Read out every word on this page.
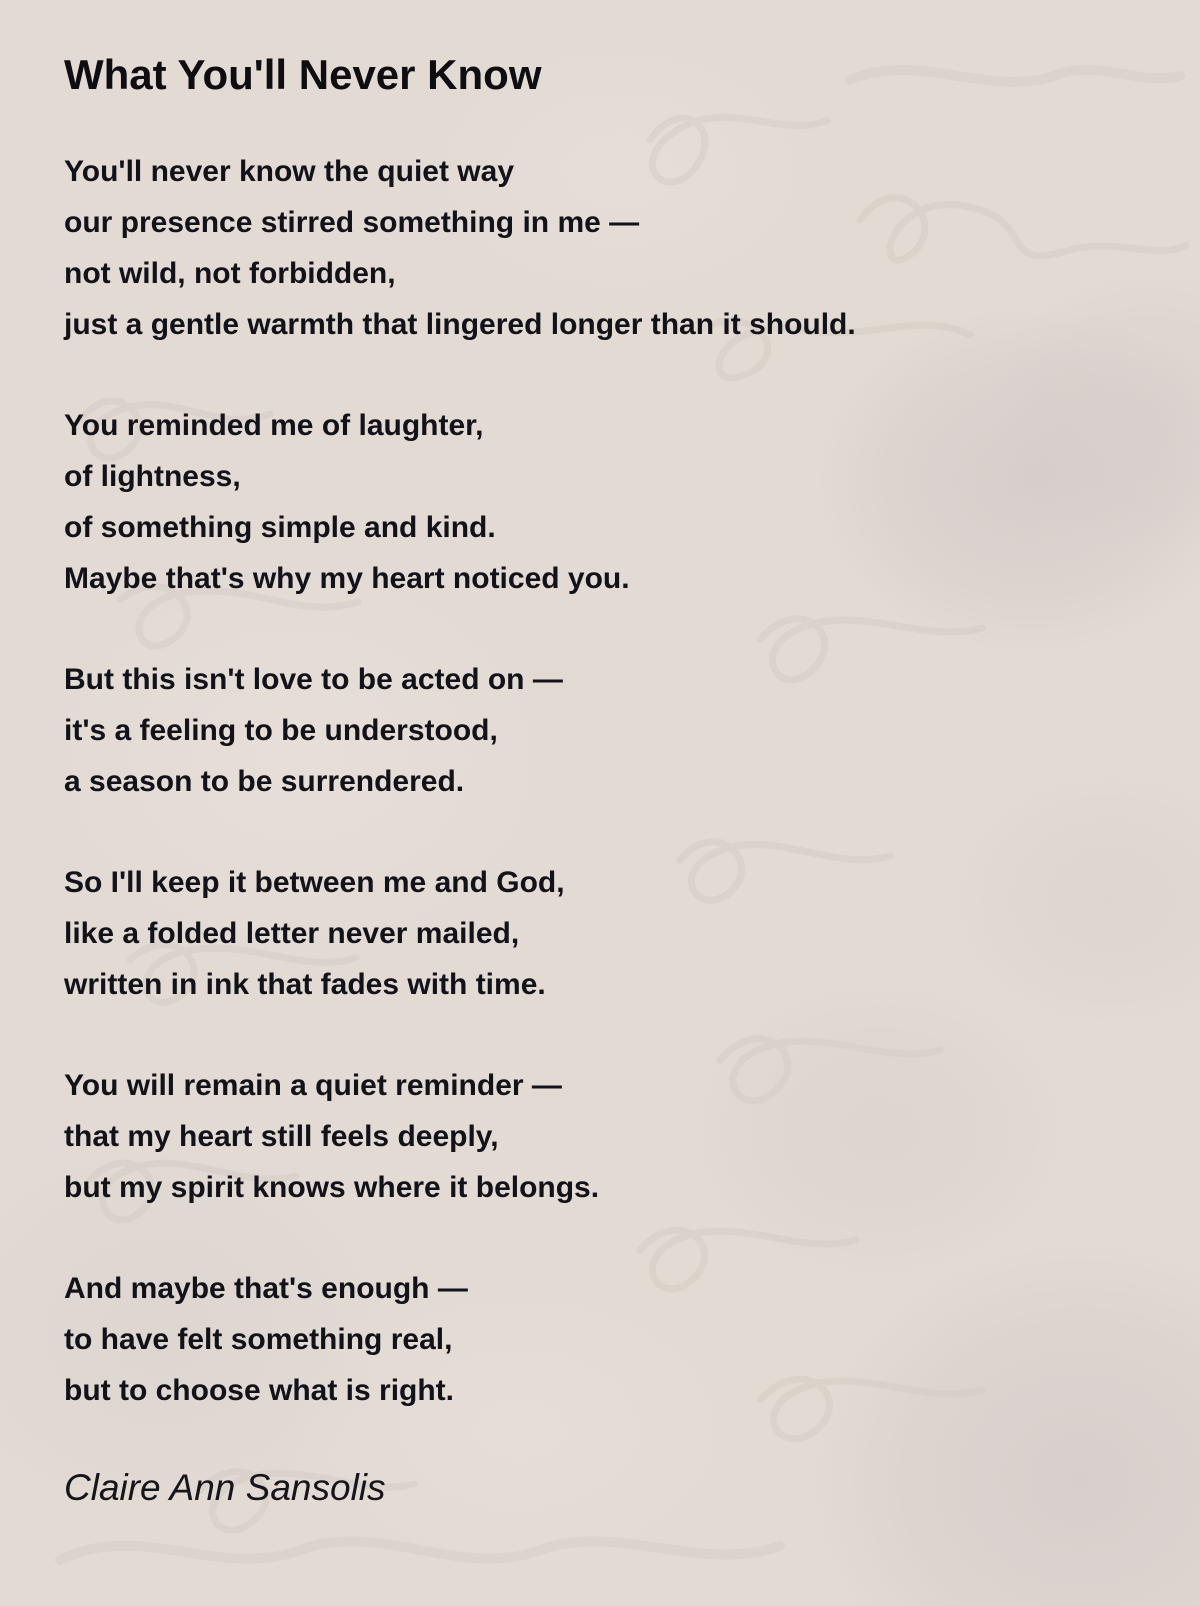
What You'll Never Know

You'll never know the quiet way

our presence stirred something in me —

not wild, not forbidden,

just a gentle warmth that lingered longer than it should.

You reminded me of laughter,

of lightness,

of something simple and kind.

Maybe that's why my heart noticed you.

But this isn't love to be acted on —

it's a feeling to be understood,

a season to be surrendered.

So I'll keep it between me and God,

like a folded letter never mailed,

written in ink that fades with time.

You will remain a quiet reminder —

that my heart still feels deeply,

but my spirit knows where it belongs.

And maybe that's enough —

to have felt something real,

but to choose what is right.

Claire Ann Sansolis
